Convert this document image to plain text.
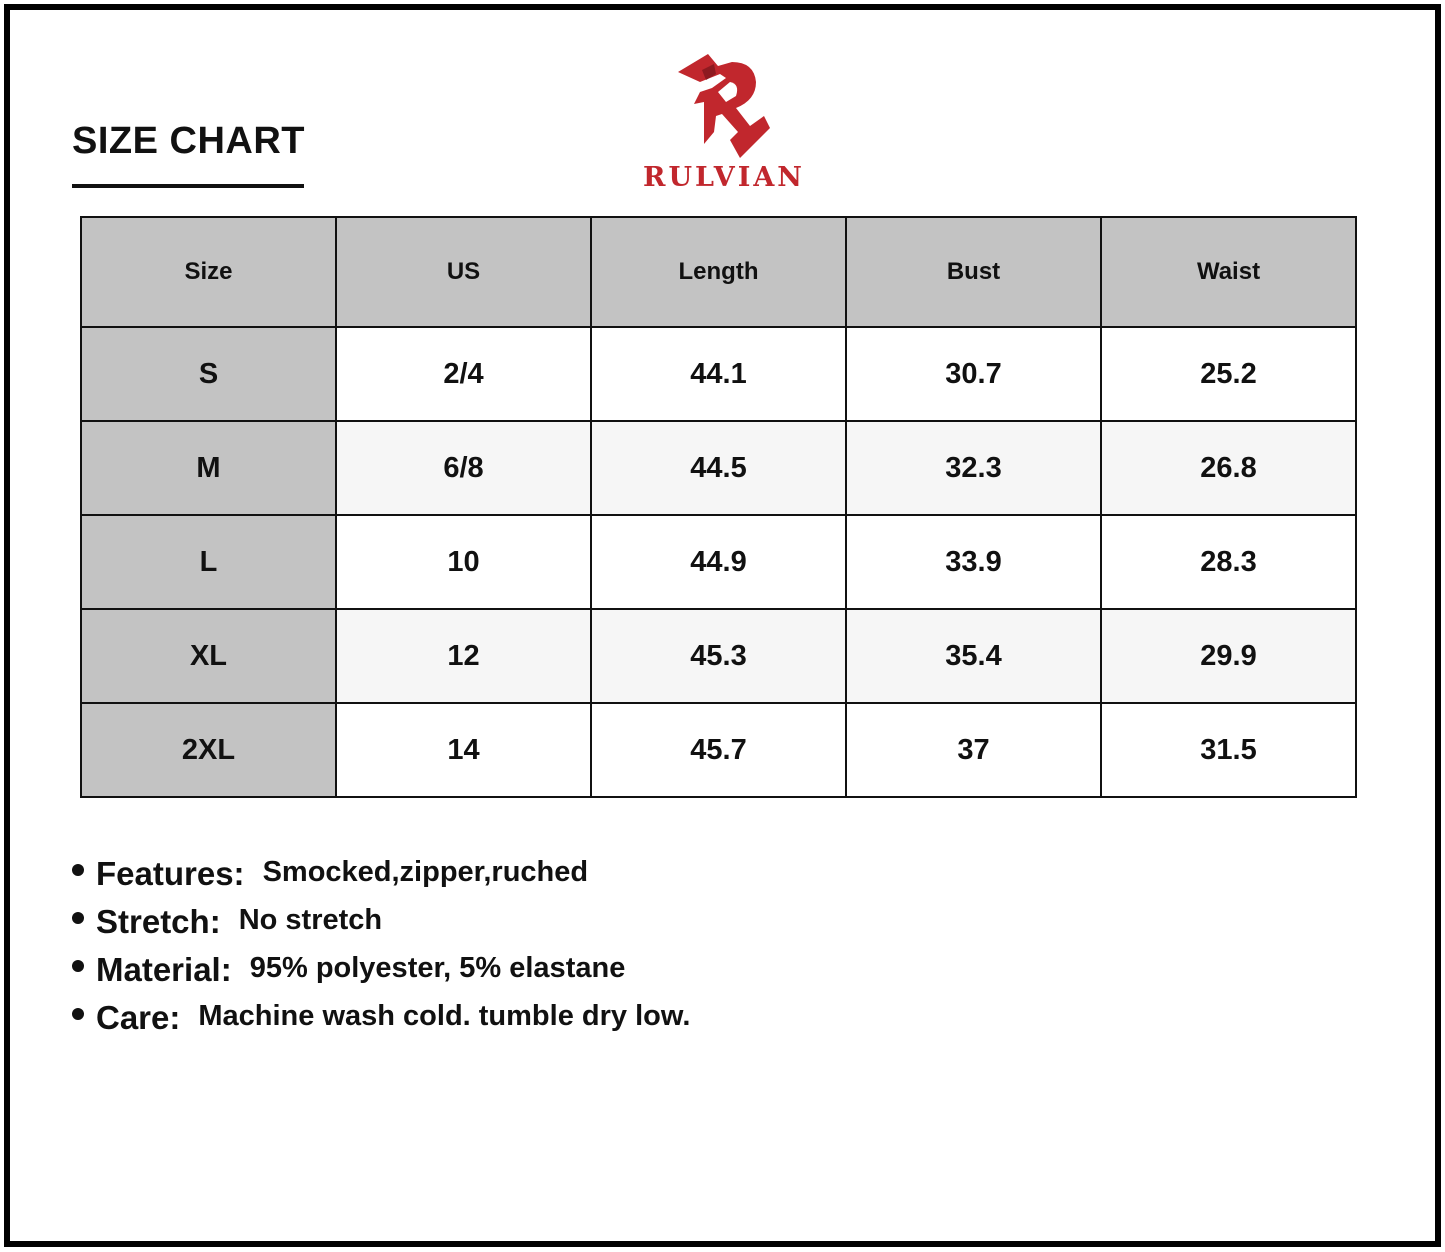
SIZE CHART
RULVIAN
Size	US	Length	Bust	Waist
S	2/4	44.1	30.7	25.2
M	6/8	44.5	32.3	26.8
L	10	44.9	33.9	28.3
XL	12	45.3	35.4	29.9
2XL	14	45.7	37	31.5
Features: Smocked,zipper,ruched
Stretch: No stretch
Material: 95% polyester, 5% elastane
Care: Machine wash cold. tumble dry low.
